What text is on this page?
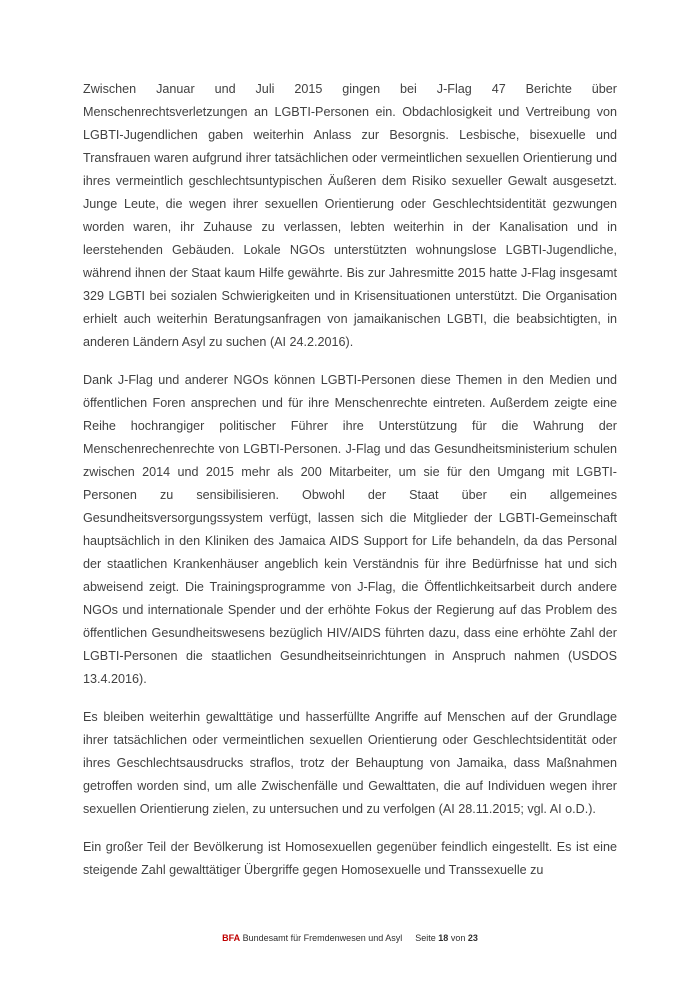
Zwischen Januar und Juli 2015 gingen bei J-Flag 47 Berichte über Menschenrechtsverletzungen an LGBTI-Personen ein. Obdachlosigkeit und Vertreibung von LGBTI-Jugendlichen gaben weiterhin Anlass zur Besorgnis. Lesbische, bisexuelle und Transfrauen waren aufgrund ihrer tatsächlichen oder vermeintlichen sexuellen Orientierung und ihres vermeintlich geschlechtsuntypischen Äußeren dem Risiko sexueller Gewalt ausgesetzt. Junge Leute, die wegen ihrer sexuellen Orientierung oder Geschlechtsidentität gezwungen worden waren, ihr Zuhause zu verlassen, lebten weiterhin in der Kanalisation und in leerstehenden Gebäuden. Lokale NGOs unterstützten wohnungslose LGBTI-Jugendliche, während ihnen der Staat kaum Hilfe gewährte. Bis zur Jahresmitte 2015 hatte J-Flag insgesamt 329 LGBTI bei sozialen Schwierigkeiten und in Krisensituationen unterstützt. Die Organisation erhielt auch weiterhin Beratungsanfragen von jamaikanischen LGBTI, die beabsichtigten, in anderen Ländern Asyl zu suchen (AI 24.2.2016).

Dank J-Flag und anderer NGOs können LGBTI-Personen diese Themen in den Medien und öffentlichen Foren ansprechen und für ihre Menschenrechte eintreten. Außerdem zeigte eine Reihe hochrangiger politischer Führer ihre Unterstützung für die Wahrung der Menschenrechenrechte von LGBTI-Personen. J-Flag und das Gesundheitsministerium schulen zwischen 2014 und 2015 mehr als 200 Mitarbeiter, um sie für den Umgang mit LGBTI-Personen zu sensibilisieren. Obwohl der Staat über ein allgemeines Gesundheitsversorgungssystem verfügt, lassen sich die Mitglieder der LGBTI-Gemeinschaft hauptsächlich in den Kliniken des Jamaica AIDS Support for Life behandeln, da das Personal der staatlichen Krankenhäuser angeblich kein Verständnis für ihre Bedürfnisse hat und sich abweisend zeigt. Die Trainingsprogramme von J-Flag, die Öffentlichkeitsarbeit durch andere NGOs und internationale Spender und der erhöhte Fokus der Regierung auf das Problem des öffentlichen Gesundheitswesens bezüglich HIV/AIDS führten dazu, dass eine erhöhte Zahl der LGBTI-Personen die staatlichen Gesundheitseinrichtungen in Anspruch nahmen (USDOS 13.4.2016).

Es bleiben weiterhin gewalttätige und hasserfüllte Angriffe auf Menschen auf der Grundlage ihrer tatsächlichen oder vermeintlichen sexuellen Orientierung oder Geschlechtsidentität oder ihres Geschlechtsausdrucks straflos, trotz der Behauptung von Jamaika, dass Maßnahmen getroffen worden sind, um alle Zwischenfälle und Gewalttaten, die auf Individuen wegen ihrer sexuellen Orientierung zielen, zu untersuchen und zu verfolgen (AI 28.11.2015; vgl. AI o.D.).

Ein großer Teil der Bevölkerung ist Homosexuellen gegenüber feindlich eingestellt. Es ist eine steigende Zahl gewalttätiger Übergriffe gegen Homosexuelle und Transsexuelle zu

BFA Bundesamt für Fremdenwesen und Asyl Seite 18 von 23
